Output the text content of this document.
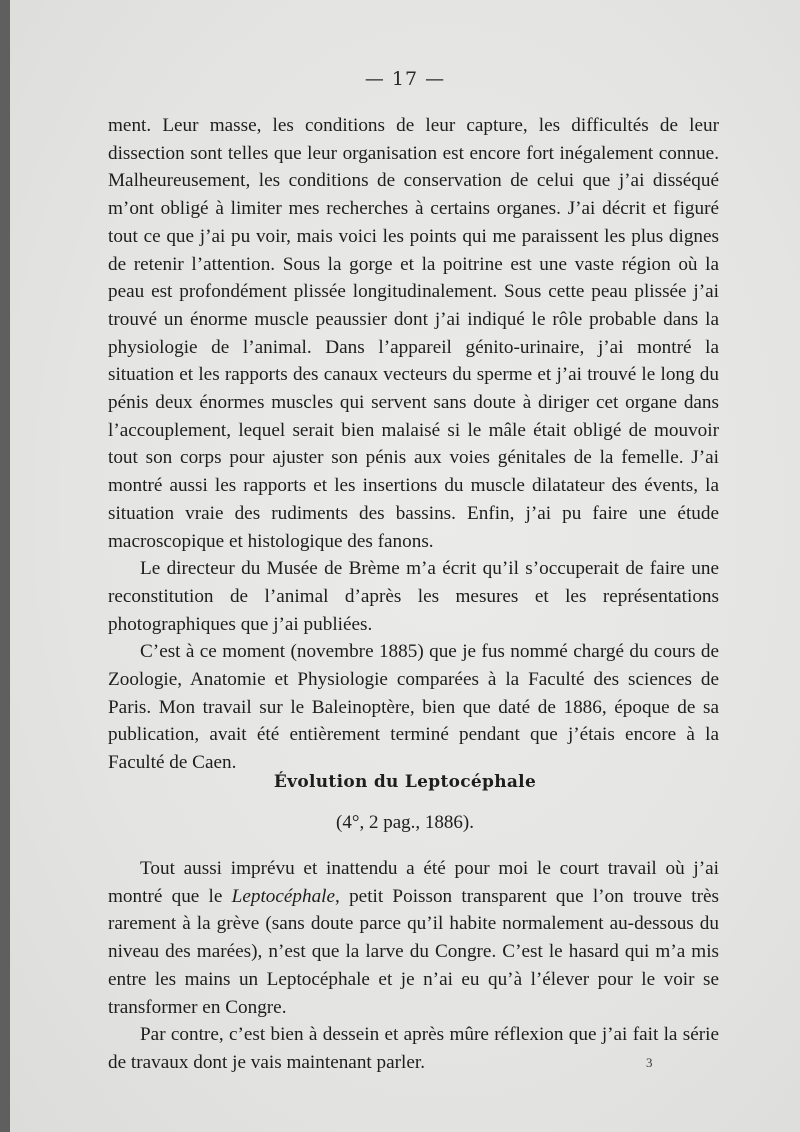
— 17 —

ment. Leur masse, les conditions de leur capture, les difficultés de leur dissection sont telles que leur organisation est encore fort inégalement connue. Malheureusement, les conditions de conservation de celui que j’ai disséqué m’ont obligé à limiter mes recherches à certains organes. J’ai décrit et figuré tout ce que j’ai pu voir, mais voici les points qui me paraissent les plus dignes de retenir l’attention. Sous la gorge et la poitrine est une vaste région où la peau est profondément plissée longitudinalement. Sous cette peau plissée j’ai trouvé un énorme muscle peaussier dont j’ai indiqué le rôle probable dans la physiologie de l’animal. Dans l’appareil génito-urinaire, j’ai montré la situation et les rapports des canaux vecteurs du sperme et j’ai trouvé le long du pénis deux énormes muscles qui servent sans doute à diriger cet organe dans l’accouplement, lequel serait bien malaisé si le mâle était obligé de mouvoir tout son corps pour ajuster son pénis aux voies génitales de la femelle. J’ai montré aussi les rapports et les insertions du muscle dilatateur des évents, la situation vraie des rudiments des bassins. Enfin, j’ai pu faire une étude macroscopique et histologique des fanons.

Le directeur du Musée de Brème m’a écrit qu’il s’occuperait de faire une reconstitution de l’animal d’après les mesures et les représentations photographiques que j’ai publiées.

C’est à ce moment (novembre 1885) que je fus nommé chargé du cours de Zoologie, Anatomie et Physiologie comparées à la Faculté des sciences de Paris. Mon travail sur le Baleinoptère, bien que daté de 1886, époque de sa publication, avait été entièrement terminé pendant que j’étais encore à la Faculté de Caen.

Évolution du Leptocéphale
(4°, 2 pag., 1886).

Tout aussi imprévu et inattendu a été pour moi le court travail où j’ai montré que le Leptocéphale, petit Poisson transparent que l’on trouve très rarement à la grève (sans doute parce qu’il habite normalement au-dessous du niveau des marées), n’est que la larve du Congre. C’est le hasard qui m’a mis entre les mains un Leptocéphale et je n’ai eu qu’à l’élever pour le voir se transformer en Congre.

Par contre, c’est bien à dessein et après mûre réflexion que j’ai fait la série de travaux dont je vais maintenant parler.	3
